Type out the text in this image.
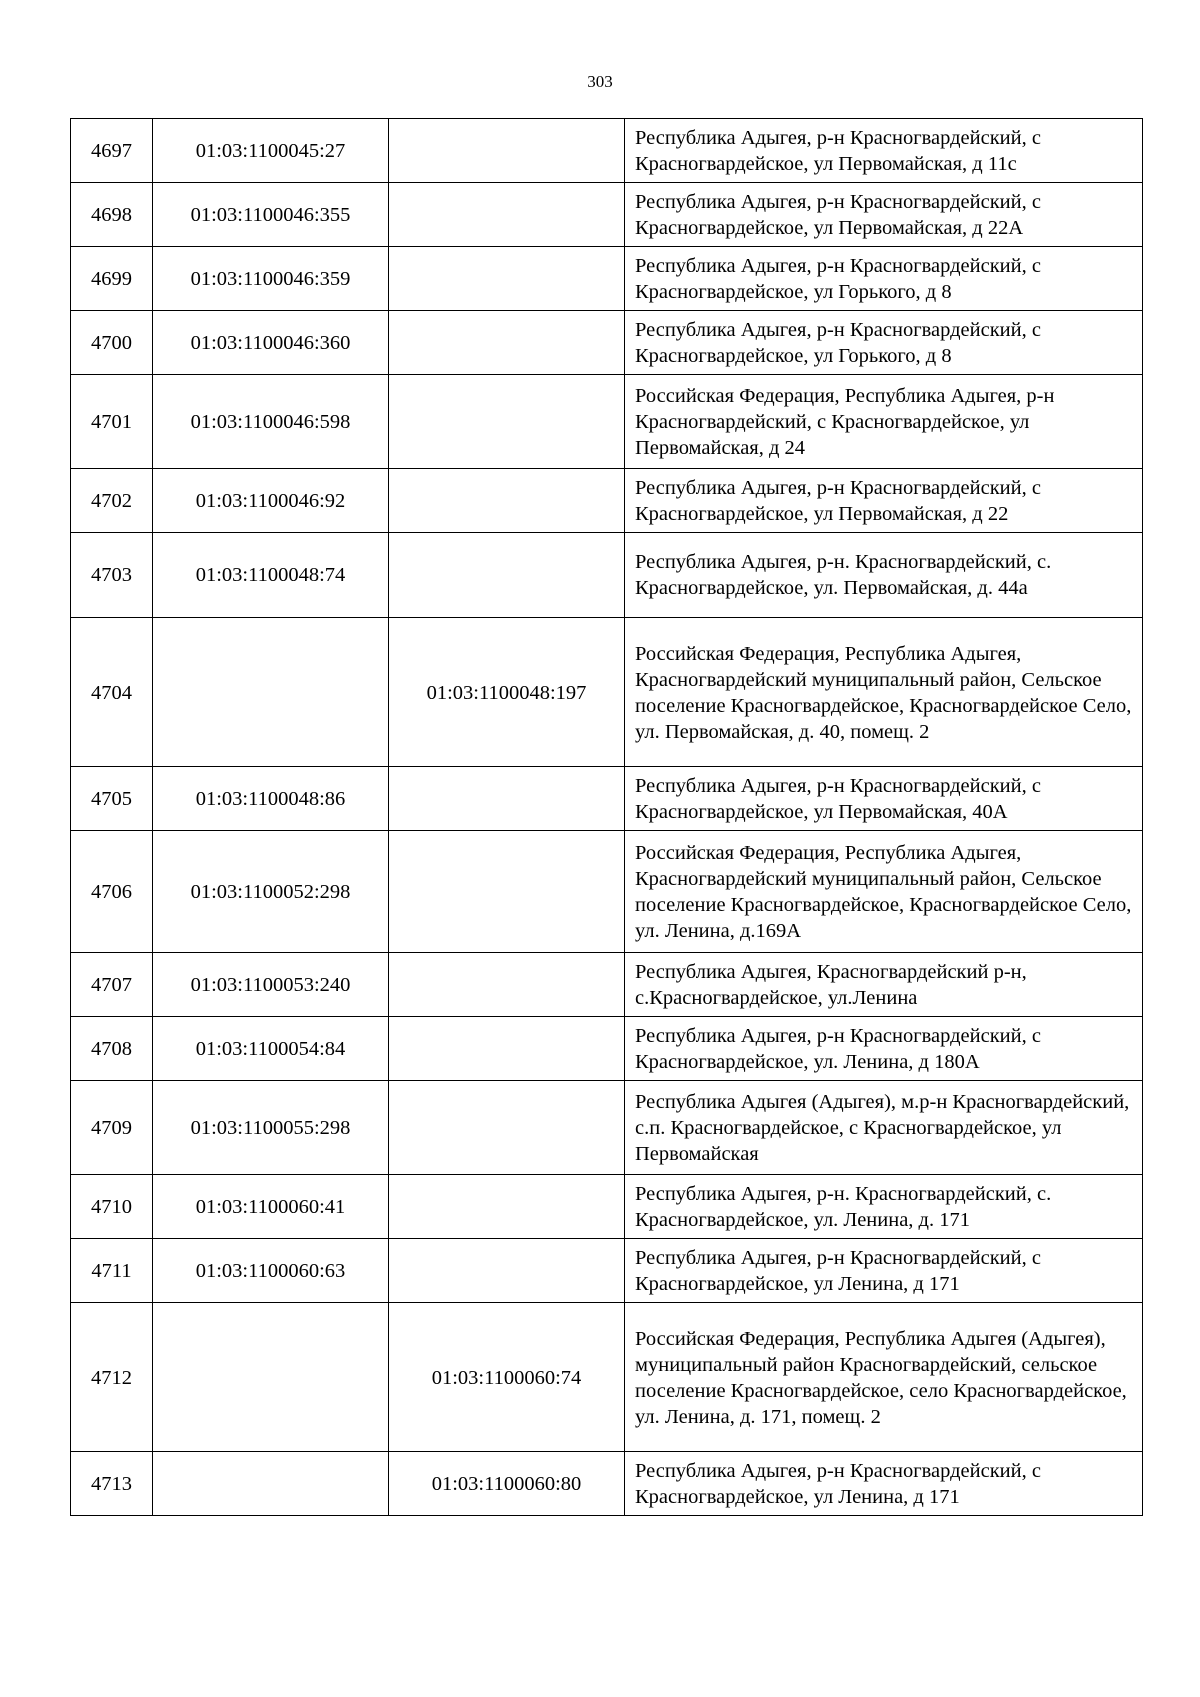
303
4697	01:03:1100045:27		Республика Адыгея, р-н Красногвардейский, с Красногвардейское, ул Первомайская, д 11с
4698	01:03:1100046:355		Республика Адыгея, р-н Красногвардейский, с Красногвардейское, ул Первомайская, д 22А
4699	01:03:1100046:359		Республика Адыгея, р-н Красногвардейский, с Красногвардейское, ул Горького, д 8
4700	01:03:1100046:360		Республика Адыгея, р-н Красногвардейский, с Красногвардейское, ул Горького, д 8
4701	01:03:1100046:598		Российская Федерация, Республика Адыгея, р-н Красногвардейский, с Красногвардейское, ул Первомайская, д 24
4702	01:03:1100046:92		Республика Адыгея, р-н Красногвардейский, с Красногвардейское, ул Первомайская, д 22
4703	01:03:1100048:74		Республика Адыгея, р-н. Красногвардейский, с. Красногвардейское, ул. Первомайская, д. 44а
4704		01:03:1100048:197	Российская Федерация, Республика Адыгея, Красногвардейский муниципальный район, Сельское поселение Красногвардейское, Красногвардейское Село, ул. Первомайская, д. 40, помещ. 2
4705	01:03:1100048:86		Республика Адыгея, р-н Красногвардейский, с Красногвардейское, ул Первомайская, 40А
4706	01:03:1100052:298		Российская Федерация, Республика Адыгея, Красногвардейский муниципальный район, Сельское поселение Красногвардейское, Красногвардейское Село, ул. Ленина, д.169А
4707	01:03:1100053:240		Республика Адыгея, Красногвардейский р-н, с.Красногвардейское, ул.Ленина
4708	01:03:1100054:84		Республика Адыгея, р-н Красногвардейский, с Красногвардейское, ул. Ленина, д 180А
4709	01:03:1100055:298		Республика Адыгея (Адыгея), м.р-н Красногвардейский, с.п. Красногвардейское, с Красногвардейское, ул Первомайская
4710	01:03:1100060:41		Республика Адыгея, р-н. Красногвардейский, с. Красногвардейское, ул. Ленина, д. 171
4711	01:03:1100060:63		Республика Адыгея, р-н Красногвардейский, с Красногвардейское, ул Ленина, д 171
4712		01:03:1100060:74	Российская Федерация, Республика Адыгея (Адыгея), муниципальный район Красногвардейский, сельское поселение Красногвардейское, село Красногвардейское, ул. Ленина, д. 171, помещ. 2
4713		01:03:1100060:80	Республика Адыгея, р-н Красногвардейский, с Красногвардейское, ул Ленина, д 171
